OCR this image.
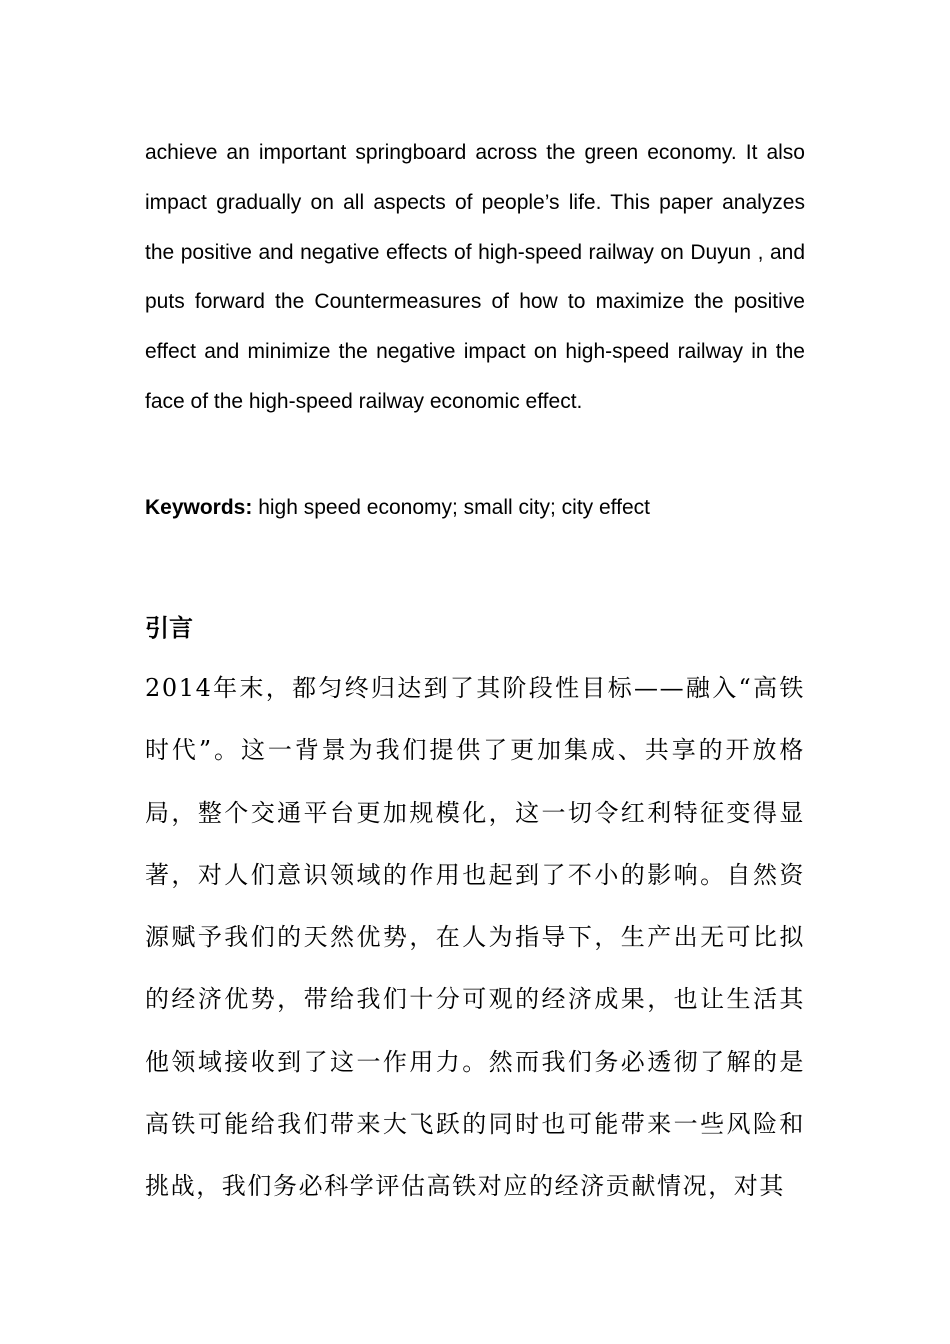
achieve an important springboard across the green economy. It also impact gradually on all aspects of people’s life. This paper analyzes the positive and negative effects of high-speed railway on Duyun , and puts forward the Countermeasures of how to maximize the positive effect and minimize the negative impact on high-speed railway in the face of the high-speed railway economic effect.

Keywords: high speed economy; small city; city effect

引言

2014年末，都匀终归达到了其阶段性目标——融入“高铁时代”。这一背景为我们提供了更加集成、共享的开放格局，整个交通平台更加规模化，这一切令红利特征变得显著，对人们意识领域的作用也起到了不小的影响。自然资源赋予我们的天然优势，在人为指导下，生产出无可比拟的经济优势，带给我们十分可观的经济成果，也让生活其他领域接收到了这一作用力。然而我们务必透彻了解的是高铁可能给我们带来大飞跃的同时也可能带来一些风险和挑战，我们务必科学评估高铁对应的经济贡献情况，对其
